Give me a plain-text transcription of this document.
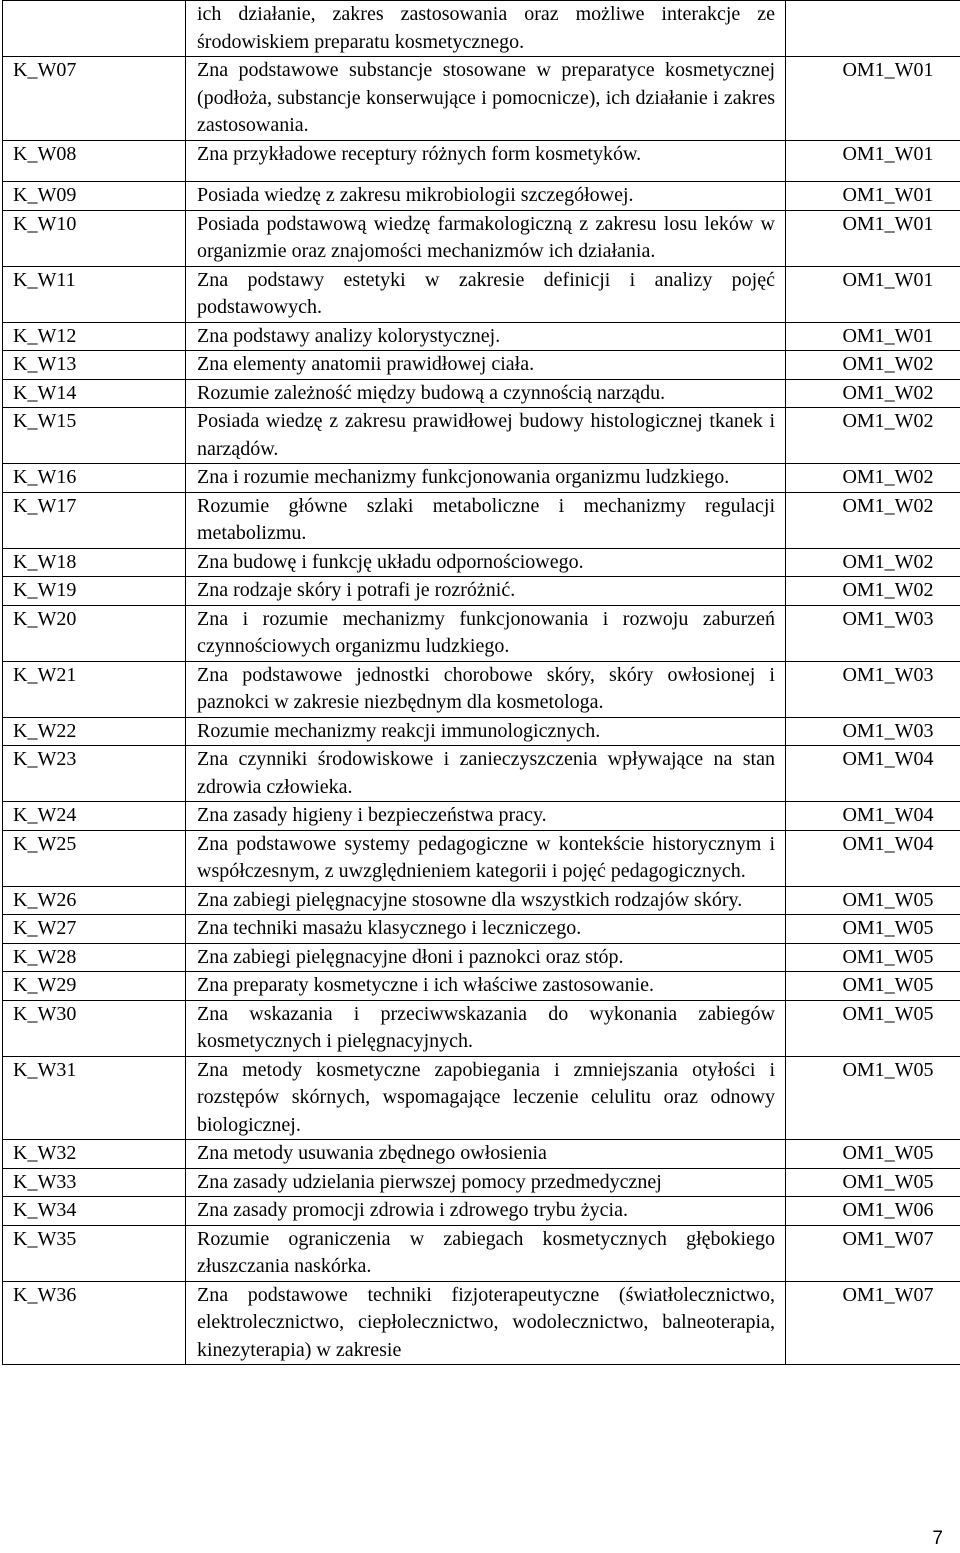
	ich działanie, zakres zastosowania oraz możliwe interakcje ze środowiskiem preparatu kosmetycznego.	
K_W07	Zna podstawowe substancje stosowane w preparatyce kosmetycznej (podłoża, substancje konserwujące i pomocnicze), ich działanie i zakres zastosowania.	OM1_W01
K_W08	Zna przykładowe receptury różnych form kosmetyków.	OM1_W01
K_W09	Posiada wiedzę z zakresu mikrobiologii szczegółowej.	OM1_W01
K_W10	Posiada podstawową wiedzę farmakologiczną z zakresu losu leków w organizmie oraz znajomości mechanizmów ich działania.	OM1_W01
K_W11	Zna podstawy estetyki w zakresie definicji i analizy pojęć podstawowych.	OM1_W01
K_W12	Zna podstawy analizy kolorystycznej.	OM1_W01
K_W13	Zna elementy anatomii prawidłowej ciała.	OM1_W02
K_W14	Rozumie zależność między budową a czynnością narządu.	OM1_W02
K_W15	Posiada wiedzę z zakresu prawidłowej budowy histologicznej tkanek i narządów.	OM1_W02
K_W16	Zna i rozumie mechanizmy funkcjonowania organizmu ludzkiego.	OM1_W02
K_W17	Rozumie główne szlaki metaboliczne i mechanizmy regulacji metabolizmu.	OM1_W02
K_W18	Zna budowę i funkcję układu odpornościowego.	OM1_W02
K_W19	Zna rodzaje skóry i potrafi je rozróżnić.	OM1_W02
K_W20	Zna i rozumie mechanizmy funkcjonowania i rozwoju zaburzeń czynnościowych organizmu ludzkiego.	OM1_W03
K_W21	Zna podstawowe jednostki chorobowe skóry, skóry owłosionej i paznokci w zakresie niezbędnym dla kosmetologa.	OM1_W03
K_W22	Rozumie mechanizmy reakcji immunologicznych.	OM1_W03
K_W23	Zna czynniki środowiskowe i zanieczyszczenia wpływające na stan zdrowia człowieka.	OM1_W04
K_W24	Zna zasady higieny i bezpieczeństwa pracy.	OM1_W04
K_W25	Zna podstawowe systemy pedagogiczne w kontekście historycznym i współczesnym, z uwzględnieniem kategorii i pojęć pedagogicznych.	OM1_W04
K_W26	Zna zabiegi pielęgnacyjne stosowne dla wszystkich rodzajów skóry.	OM1_W05
K_W27	Zna techniki masażu klasycznego i leczniczego.	OM1_W05
K_W28	Zna zabiegi pielęgnacyjne dłoni i paznokci oraz stóp.	OM1_W05
K_W29	Zna preparaty kosmetyczne i ich właściwe zastosowanie.	OM1_W05
K_W30	Zna wskazania i przeciwwskazania do wykonania zabiegów kosmetycznych i pielęgnacyjnych.	OM1_W05
K_W31	Zna metody kosmetyczne zapobiegania i zmniejszania otyłości i rozstępów skórnych, wspomagające leczenie celulitu oraz odnowy biologicznej.	OM1_W05
K_W32	Zna metody usuwania zbędnego owłosienia	OM1_W05
K_W33	Zna zasady udzielania pierwszej pomocy przedmedycznej	OM1_W05
K_W34	Zna zasady promocji zdrowia i zdrowego trybu życia.	OM1_W06
K_W35	Rozumie ograniczenia w zabiegach kosmetycznych głębokiego złuszczania naskórka.	OM1_W07
K_W36	Zna podstawowe techniki fizjoterapeutyczne (światłolecznictwo, elektrolecznictwo, ciepłolecznictwo, wodolecznictwo, balneoterapia, kinezyterapia) w zakresie	OM1_W07
7
